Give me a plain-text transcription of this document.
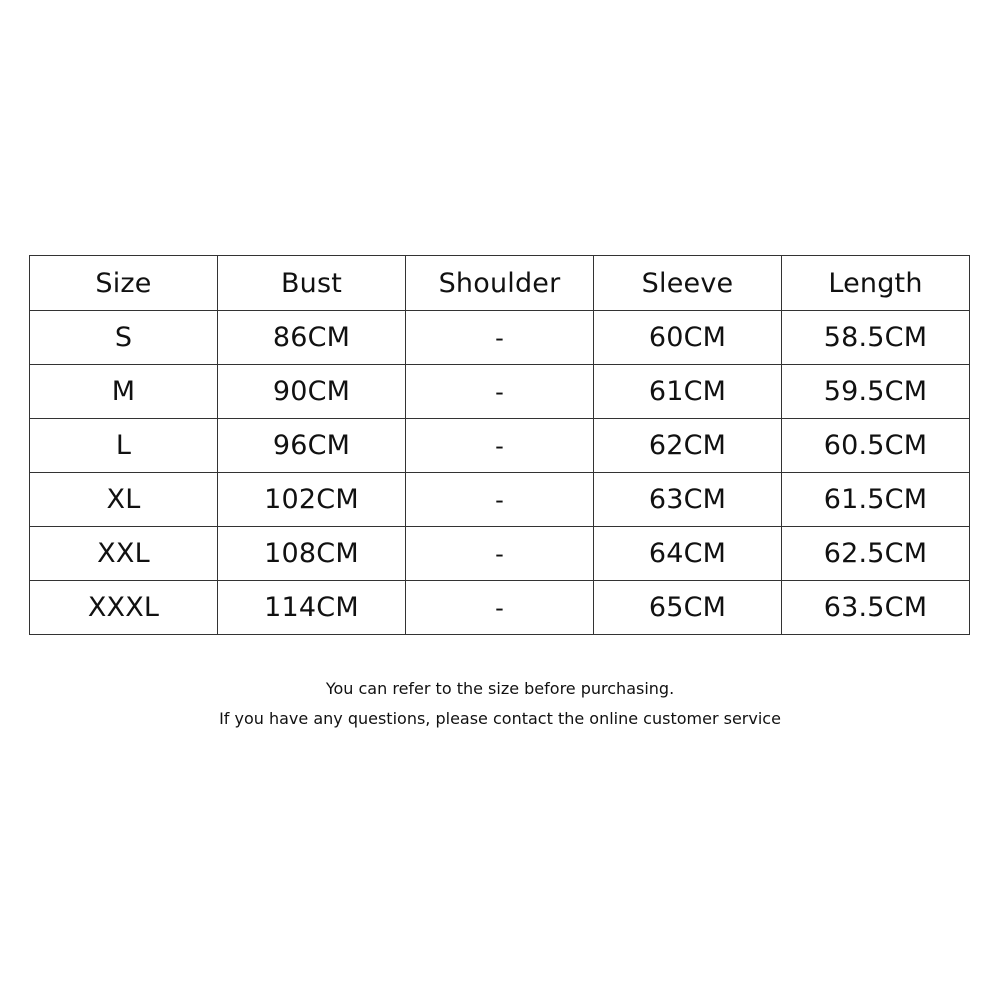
Size	Bust	Shoulder	Sleeve	Length
S	86CM	-	60CM	58.5CM
M	90CM	-	61CM	59.5CM
L	96CM	-	62CM	60.5CM
XL	102CM	-	63CM	61.5CM
XXL	108CM	-	64CM	62.5CM
XXXL	114CM	-	65CM	63.5CM

You can refer to the size before purchasing.

If you have any questions, please contact the online customer service
